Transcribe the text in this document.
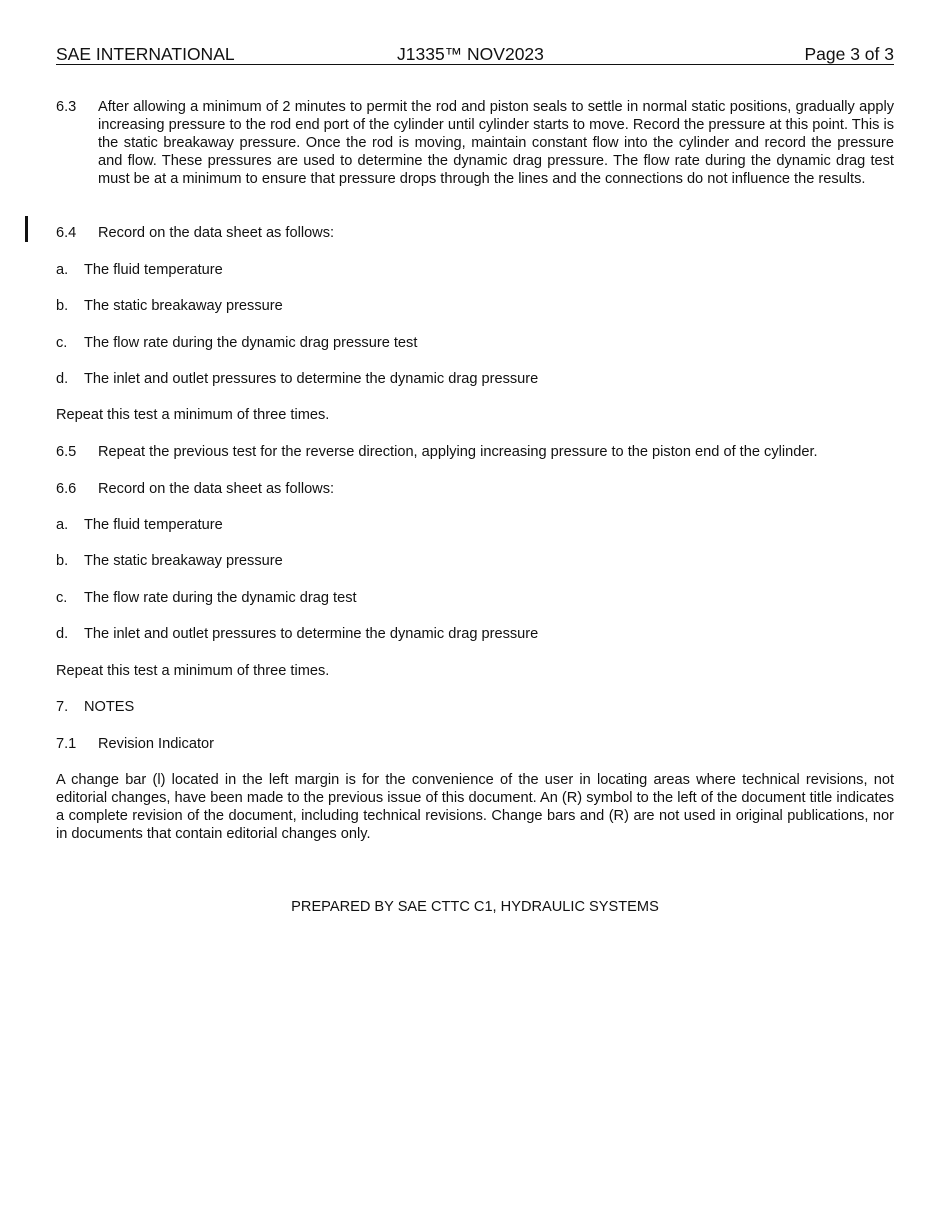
SAE INTERNATIONAL	J1335™ NOV2023	Page 3 of 3
6.3 After allowing a minimum of 2 minutes to permit the rod and piston seals to settle in normal static positions, gradually apply increasing pressure to the rod end port of the cylinder until cylinder starts to move. Record the pressure at this point. This is the static breakaway pressure. Once the rod is moving, maintain constant flow into the cylinder and record the pressure and flow. These pressures are used to determine the dynamic drag pressure. The flow rate during the dynamic drag test must be at a minimum to ensure that pressure drops through the lines and the connections do not influence the results.
6.4 Record on the data sheet as follows:
a. The fluid temperature
b. The static breakaway pressure
c. The flow rate during the dynamic drag pressure test
d. The inlet and outlet pressures to determine the dynamic drag pressure
Repeat this test a minimum of three times.
6.5 Repeat the previous test for the reverse direction, applying increasing pressure to the piston end of the cylinder.
6.6 Record on the data sheet as follows:
a. The fluid temperature
b. The static breakaway pressure
c. The flow rate during the dynamic drag test
d. The inlet and outlet pressures to determine the dynamic drag pressure
Repeat this test a minimum of three times.
7. NOTES
7.1 Revision Indicator
A change bar (l) located in the left margin is for the convenience of the user in locating areas where technical revisions, not editorial changes, have been made to the previous issue of this document. An (R) symbol to the left of the document title indicates a complete revision of the document, including technical revisions. Change bars and (R) are not used in original publications, nor in documents that contain editorial changes only.
PREPARED BY SAE CTTC C1, HYDRAULIC SYSTEMS
